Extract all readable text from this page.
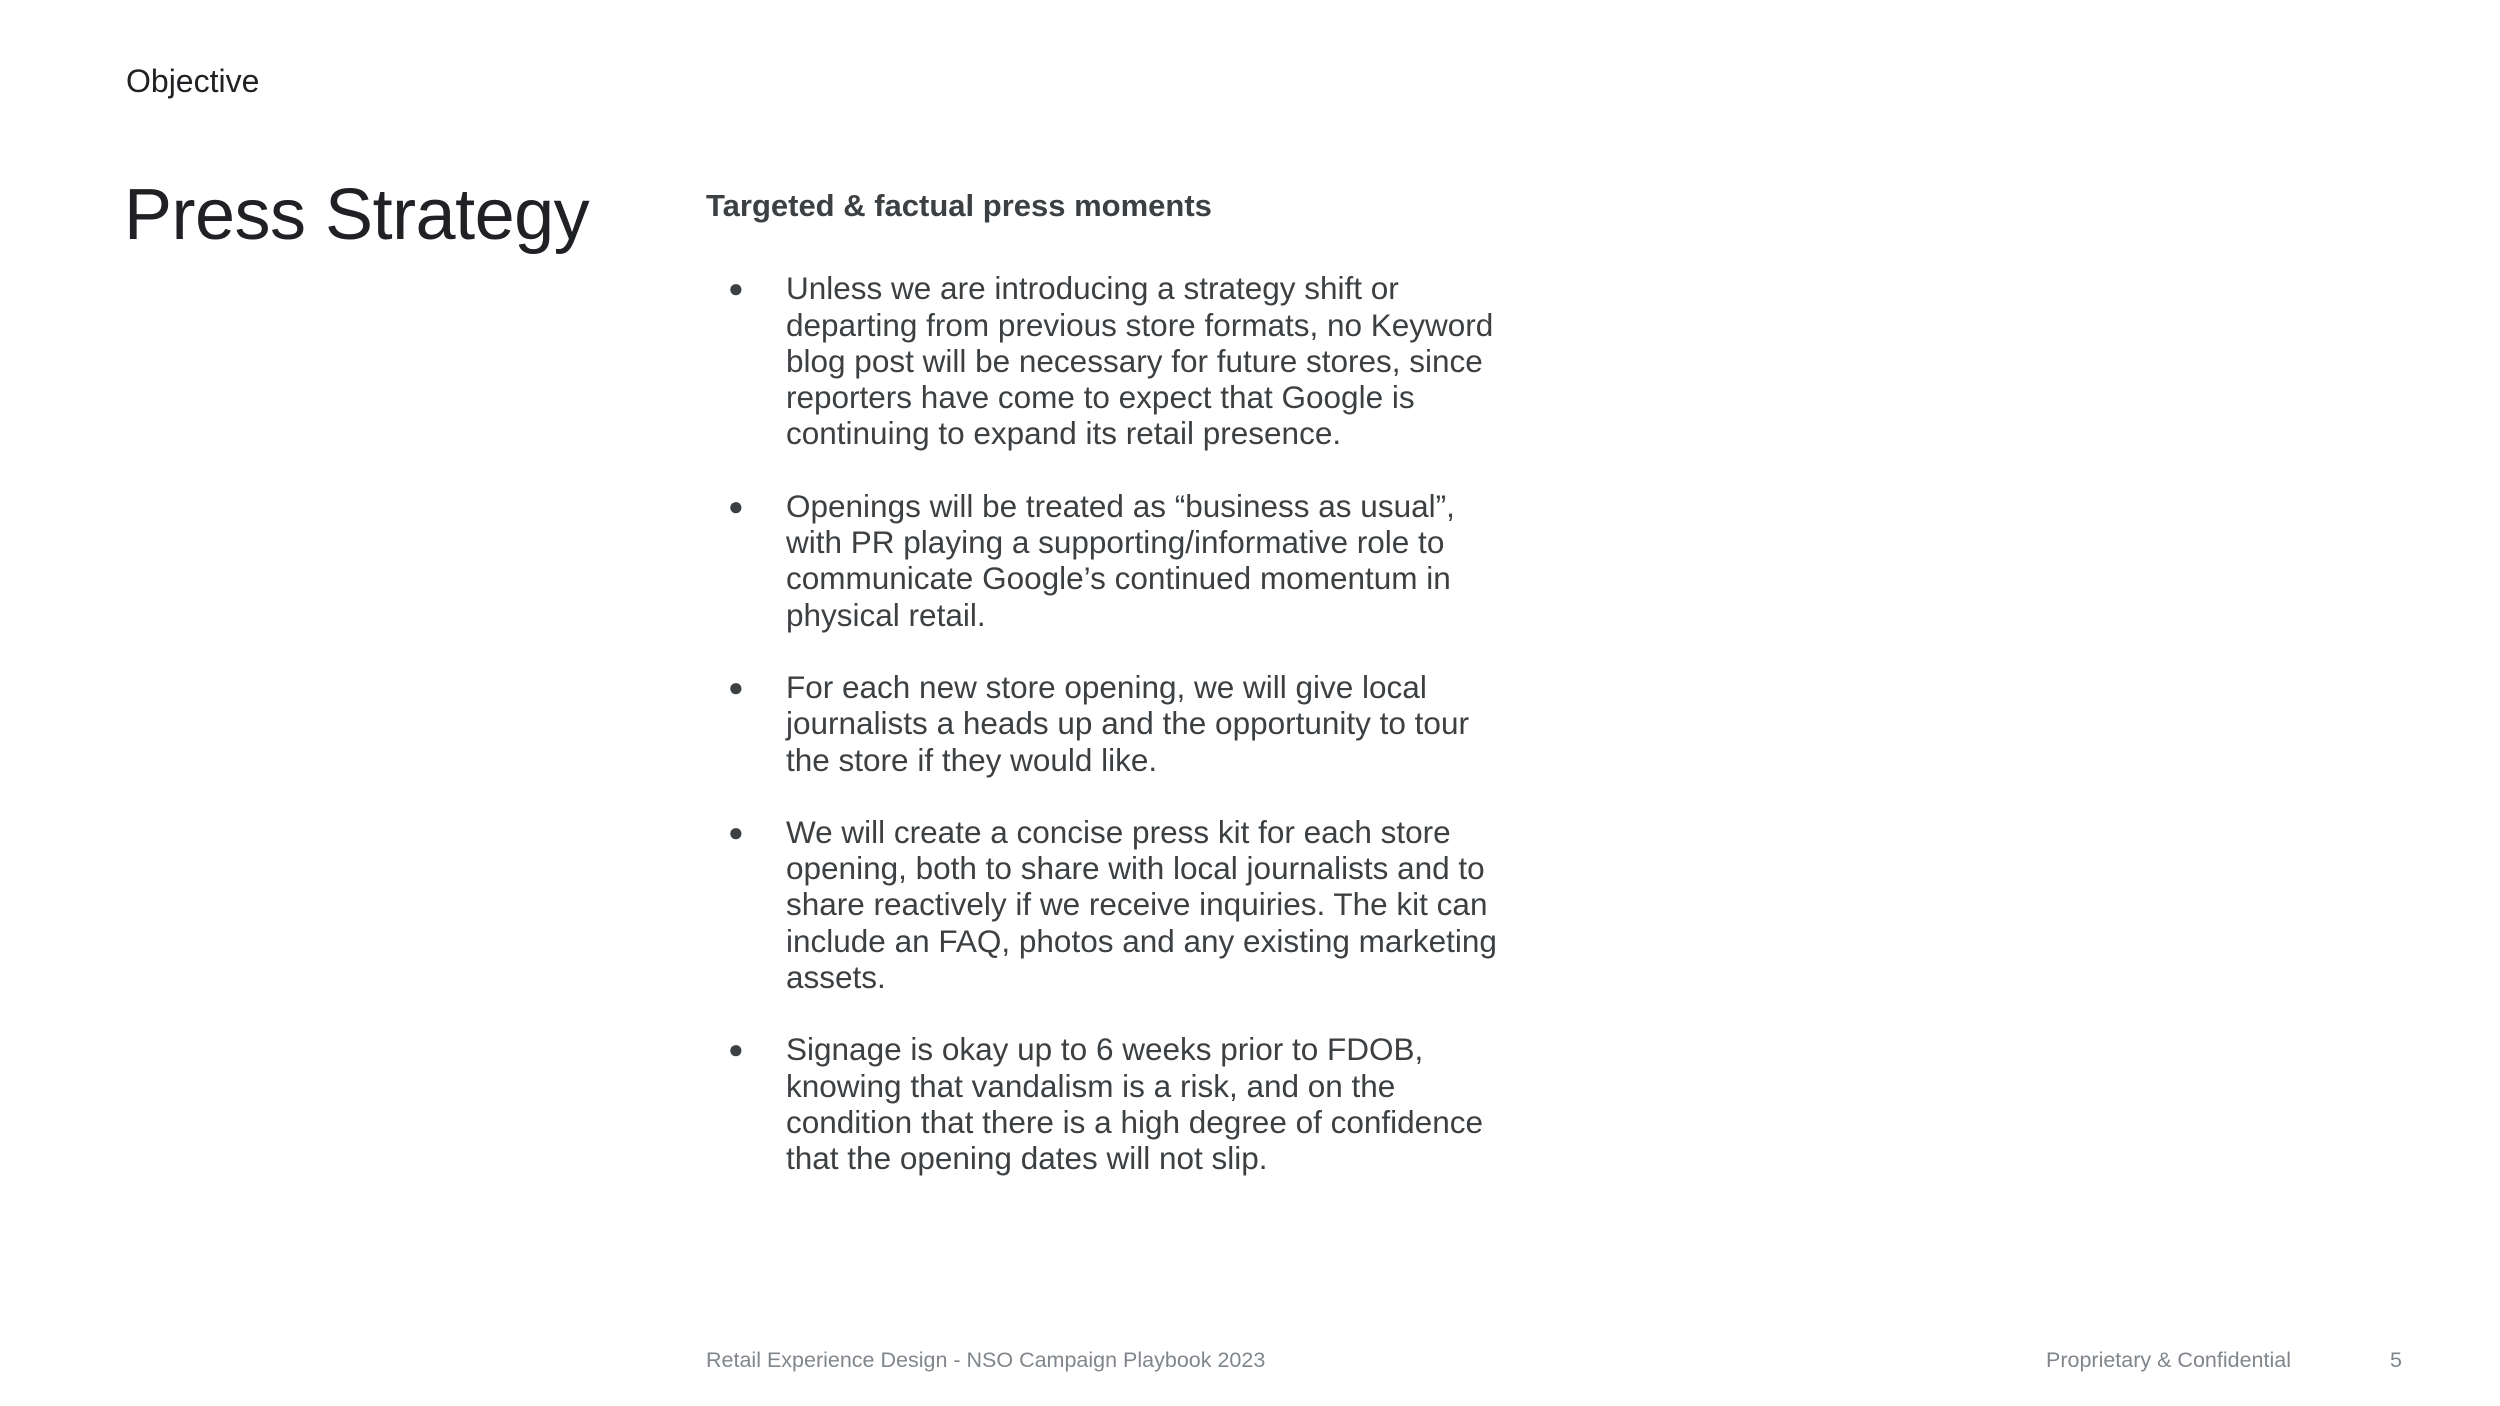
Objective
Press Strategy	Targeted & factual press moments
● Unless we are introducing a strategy shift or departing from previous store formats, no Keyword blog post will be necessary for future stores, since reporters have come to expect that Google is continuing to expand its retail presence.
● Openings will be treated as “business as usual”, with PR playing a supporting/informative role to communicate Google’s continued momentum in physical retail.
● For each new store opening, we will give local journalists a heads up and the opportunity to tour the store if they would like.
● We will create a concise press kit for each store opening, both to share with local journalists and to share reactively if we receive inquiries. The kit can include an FAQ, photos and any existing marketing assets.
● Signage is okay up to 6 weeks prior to FDOB, knowing that vandalism is a risk, and on the condition that there is a high degree of confidence that the opening dates will not slip.
Retail Experience Design - NSO Campaign Playbook 2023	Proprietary & Confidential	5
